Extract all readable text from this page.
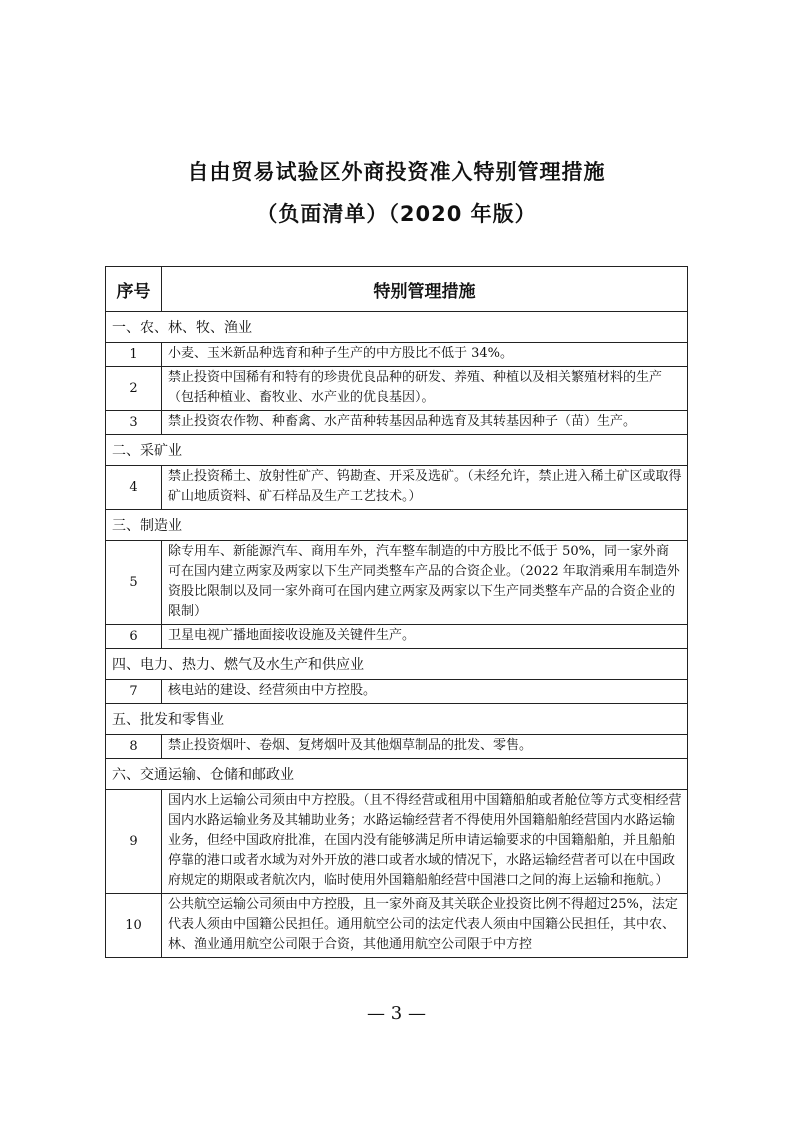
自由贸易试验区外商投资准入特别管理措施
（负面清单）（2020 年版）
序号	特别管理措施
一、农、林、牧、渔业	
1	小麦、玉米新品种选育和种子生产的中方股比不低于 34%。
2	禁止投资中国稀有和特有的珍贵优良品种的研发、养殖、种植以及相关繁殖材料的生产（包括种植业、畜牧业、水产业的优良基因）。
3	禁止投资农作物、种畜禽、水产苗种转基因品种选育及其转基因种子（苗）生产。
二、采矿业	
4	禁止投资稀土、放射性矿产、钨勘查、开采及选矿。（未经允许，禁止进入稀土矿区或取得矿山地质资料、矿石样品及生产工艺技术。）
三、制造业	
5	除专用车、新能源汽车、商用车外，汽车整车制造的中方股比不低于 50%，同一家外商可在国内建立两家及两家以下生产同类整车产品的合资企业。（2022 年取消乘用车制造外资股比限制以及同一家外商可在国内建立两家及两家以下生产同类整车产品的合资企业的限制）
6	卫星电视广播地面接收设施及关键件生产。
四、电力、热力、燃气及水生产和供应业	
7	核电站的建设、经营须由中方控股。
五、批发和零售业	
8	禁止投资烟叶、卷烟、复烤烟叶及其他烟草制品的批发、零售。
六、交通运输、仓储和邮政业	
9	国内水上运输公司须由中方控股。（且不得经营或租用中国籍船舶或者舱位等方式变相经营国内水路运输业务及其辅助业务；水路运输经营者不得使用外国籍船舶经营国内水路运输业务，但经中国政府批准，在国内没有能够满足所申请运输要求的中国籍船舶，并且船舶停靠的港口或者水域为对外开放的港口或者水域的情况下，水路运输经营者可以在中国政府规定的期限或者航次内，临时使用外国籍船舶经营中国港口之间的海上运输和拖航。）
10	公共航空运输公司须由中方控股，且一家外商及其关联企业投资比例不得超过25%，法定代表人须由中国籍公民担任。通用航空公司的法定代表人须由中国籍公民担任，其中农、林、渔业通用航空公司限于合资，其他通用航空公司限于中方控
— 3 —
